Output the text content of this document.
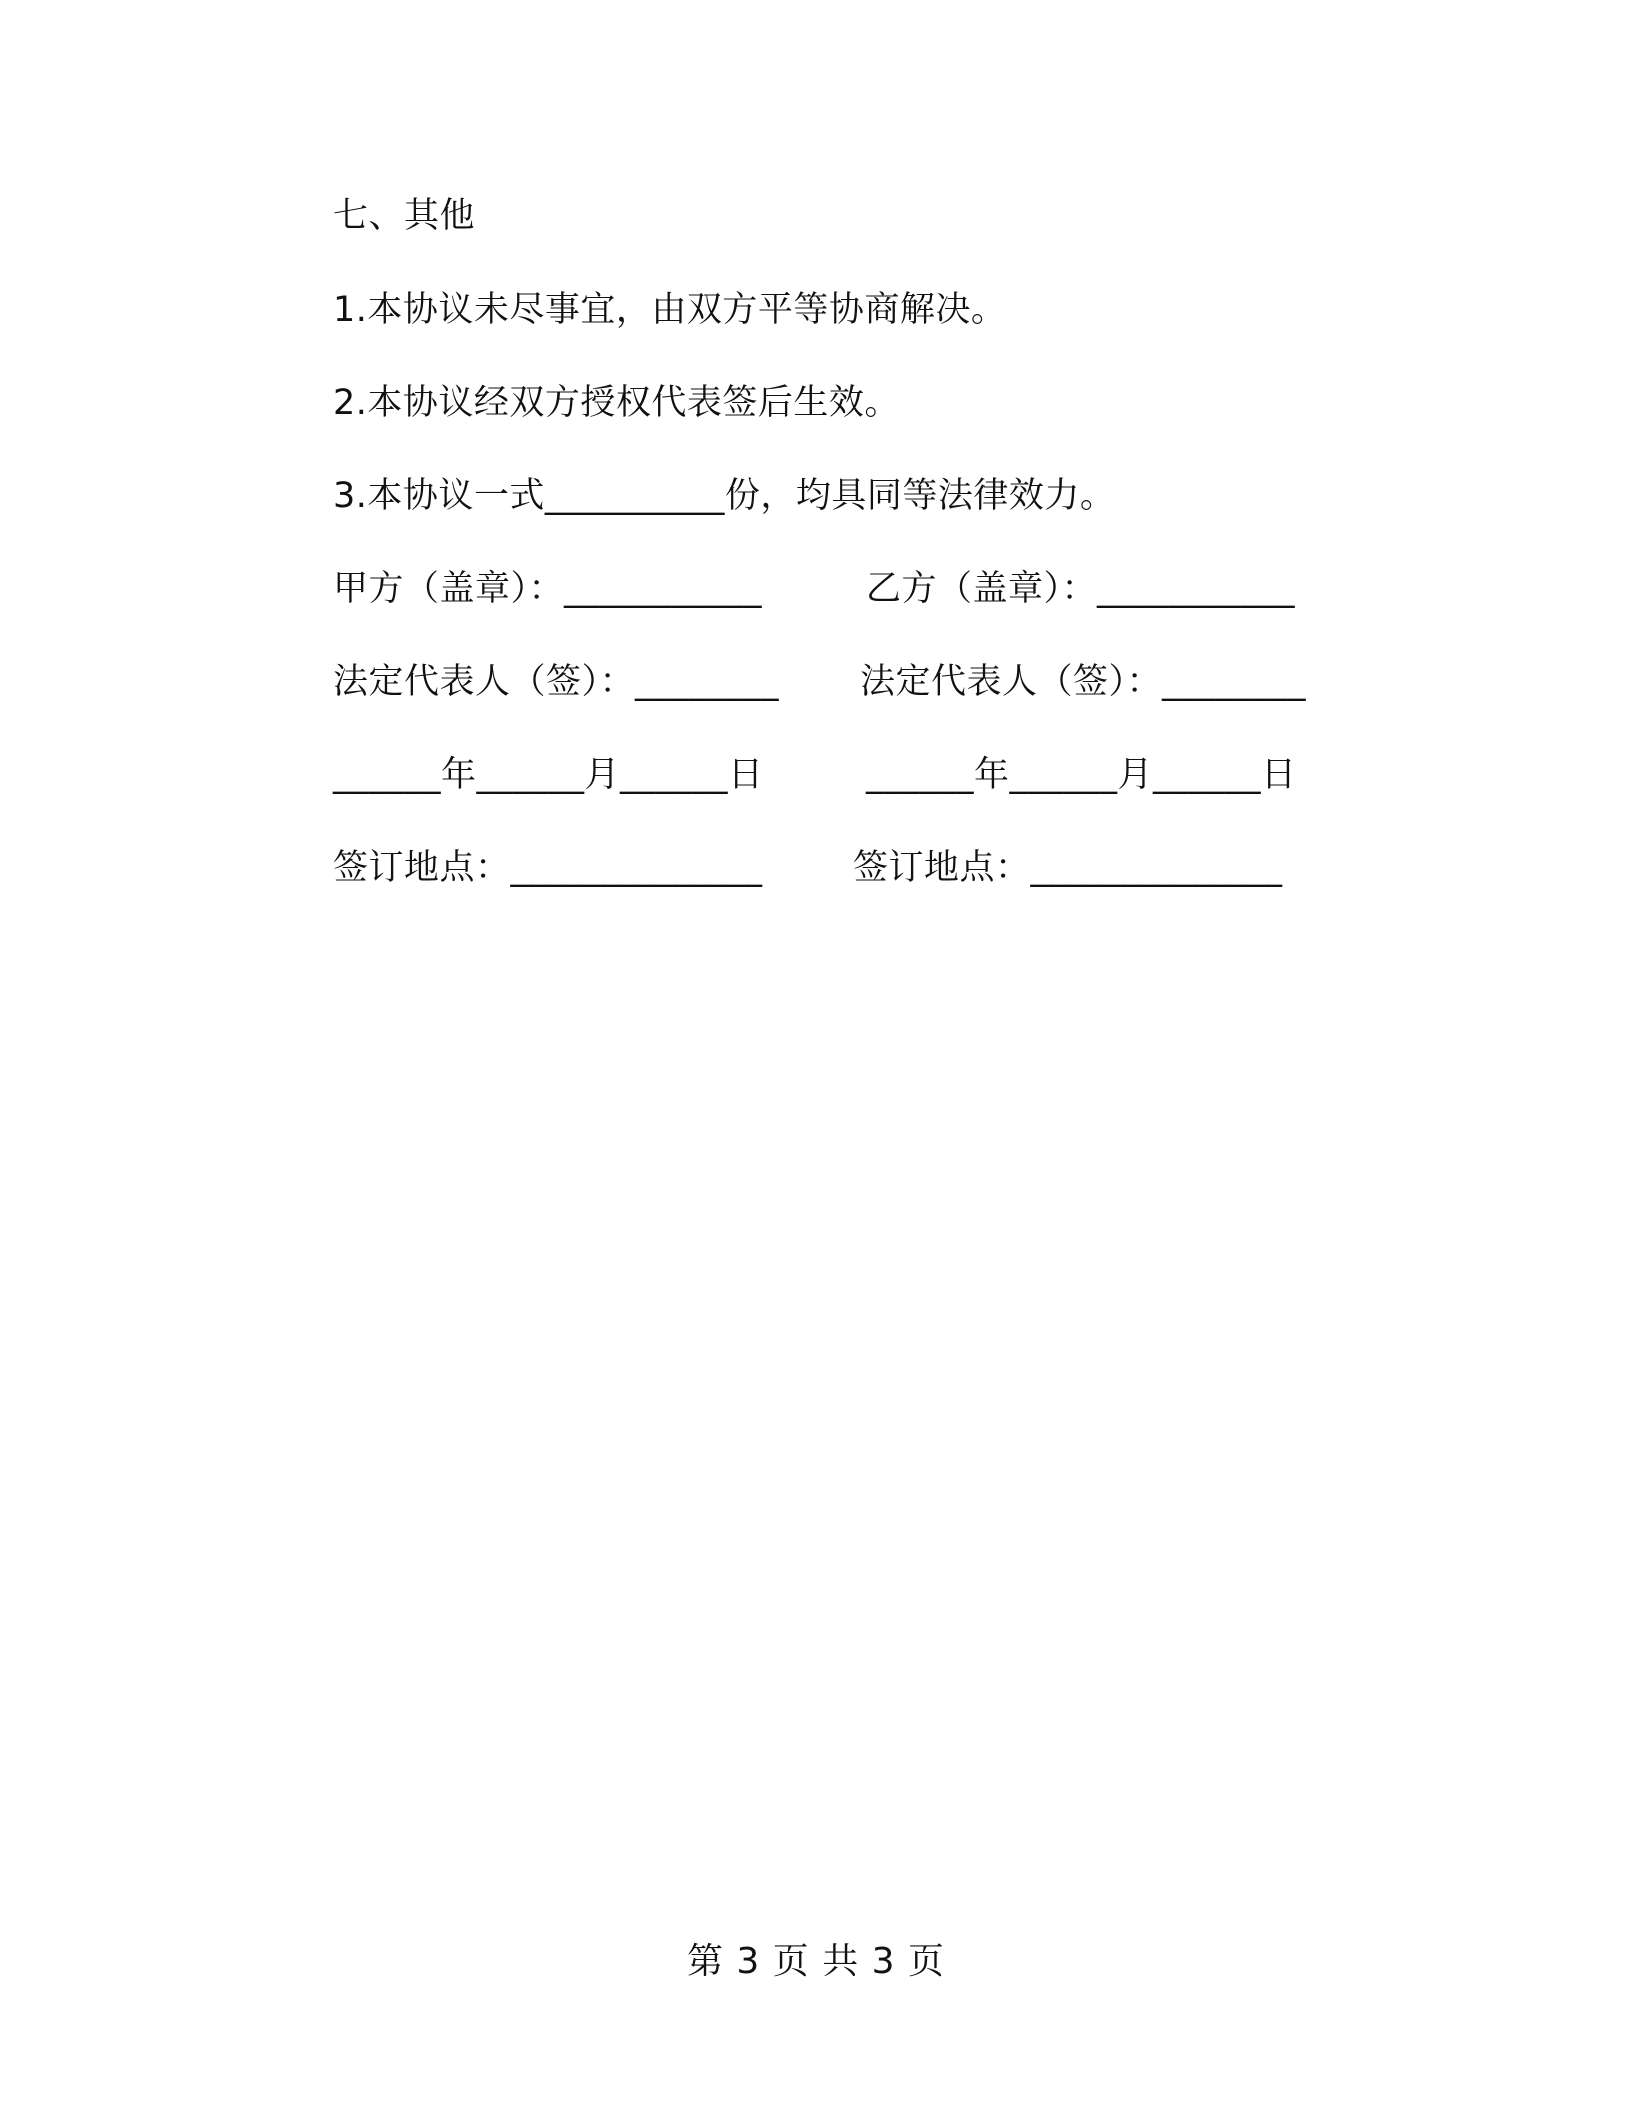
七、其他
1.本协议未尽事宜，由双方平等协商解决。
2.本协议经双方授权代表签后生效。
3.本协议一式__________份，均具同等法律效力。
甲方（盖章）：___________	乙方（盖章）：___________
法定代表人（签）：________ 法定代表人（签）：________
______年______月______日	______年______月______日
签订地点：______________	签订地点：______________
第 3 页 共 3 页
